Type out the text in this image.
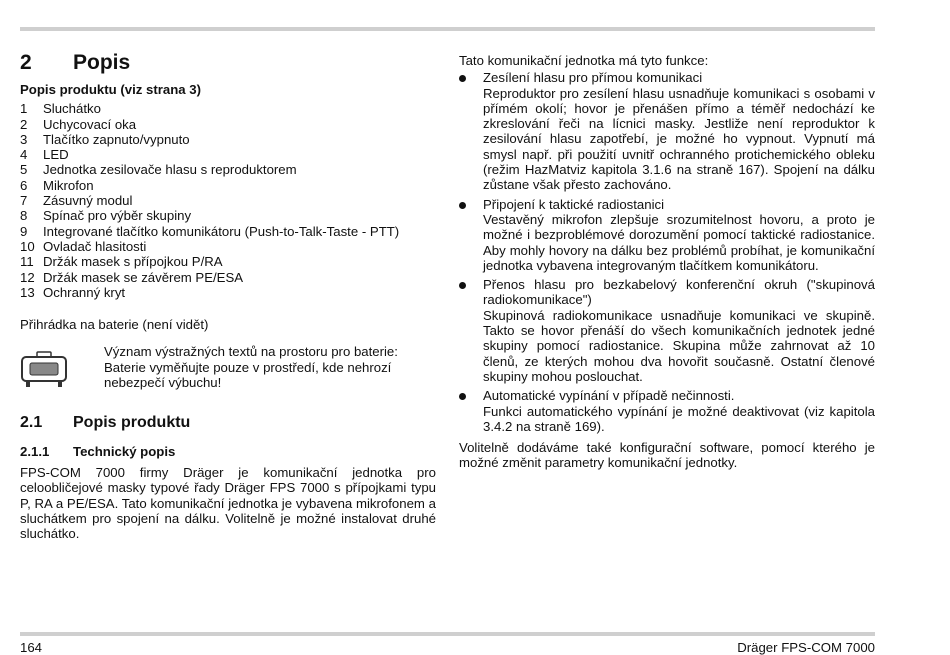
2	Popis
Popis produktu (viz strana 3)
1	Sluchátko
2	Uchycovací oka
3	Tlačítko zapnuto/vypnuto
4	LED
5	Jednotka zesilovače hlasu s reproduktorem
6	Mikrofon
7	Zásuvný modul
8	Spínač pro výběr skupiny
9	Integrované tlačítko komunikátoru (Push-to-Talk-Taste - PTT)
10 Ovladač hlasitosti
11 Držák masek s přípojkou P/RA
12 Držák masek se závěrem PE/ESA
13 Ochranný kryt
Přihrádka na baterie (není vidět)
Význam výstražných textů na prostoru pro baterie: Baterie vyměňujte pouze v prostředí, kde nehrozí nebezpečí výbuchu!
2.1	Popis produktu
2.1.1	Technický popis
FPS-COM 7000 firmy Dräger je komunikační jednotka pro celoobličejové masky typové řady Dräger FPS 7000 s přípojkami typu P, RA a PE/ESA. Tato komunikační jednotka je vybavena mikrofonem a sluchátkem pro spojení na dálku. Volitelně je možné instalovat druhé sluchátko.

Tato komunikační jednotka má tyto funkce:

Zesílení hlasu pro přímou komunikaci
Reproduktor pro zesílení hlasu usnadňuje komunikaci s osobami v přímém okolí; hovor je přenášen přímo a téměř nedochází ke zkreslování řeči na lícnici masky. Jestliže není reproduktor k zesilování hlasu zapotřebí, je možné ho vypnout. Vypnutí má smysl např. při použití uvnitř ochranného protichemického obleku (režim HazMatviz kapitola 3.1.6 na straně 167). Spojení na dálku zůstane však přesto zachováno.
Připojení k taktické radiostanici
Vestavěný mikrofon zlepšuje srozumitelnost hovoru, a proto je možné i bezproblémové dorozumění pomocí taktické radiostanice. Aby mohly hovory na dálku bez problémů probíhat, je komunikační jednotka vybavena integrovaným tlačítkem komunikátoru.
Přenos hlasu pro bezkabelový konferenční okruh ("skupinová radiokomunikace")
Skupinová radiokomunikace usnadňuje komunikaci ve skupině. Takto se hovor přenáší do všech komunikačních jednotek jedné skupiny pomocí radiostanice. Skupina může zahrnovat až 10 členů, ze kterých mohou dva hovořit současně. Ostatní členové skupiny mohou poslouchat.
Automatické vypínání v případě nečinnosti.
Funkci automatického vypínání je možné deaktivovat (viz kapitola 3.4.2 na straně 169).
Volitelně dodáváme také konfigurační software, pomocí kterého je možné změnit parametry komunikační jednotky.
164	Dräger FPS-COM 7000
